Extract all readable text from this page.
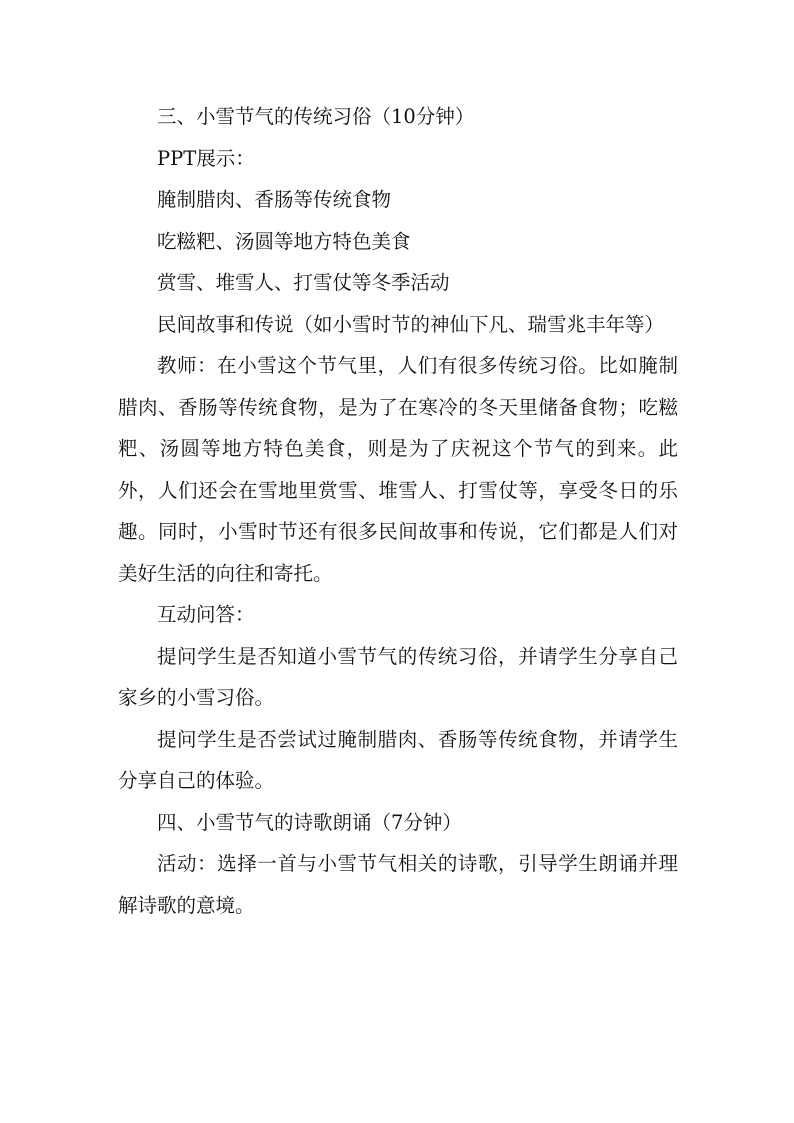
三、小雪节气的传统习俗（10分钟）

PPT展示：

腌制腊肉、香肠等传统食物

吃糍粑、汤圆等地方特色美食

赏雪、堆雪人、打雪仗等冬季活动

民间故事和传说（如小雪时节的神仙下凡、瑞雪兆丰年等）

教师：在小雪这个节气里，人们有很多传统习俗。比如腌制腊肉、香肠等传统食物，是为了在寒冷的冬天里储备食物；吃糍粑、汤圆等地方特色美食，则是为了庆祝这个节气的到来。此外，人们还会在雪地里赏雪、堆雪人、打雪仗等，享受冬日的乐趣。同时，小雪时节还有很多民间故事和传说，它们都是人们对美好生活的向往和寄托。

互动问答：

提问学生是否知道小雪节气的传统习俗，并请学生分享自己家乡的小雪习俗。

提问学生是否尝试过腌制腊肉、香肠等传统食物，并请学生分享自己的体验。

四、小雪节气的诗歌朗诵（7分钟）

活动：选择一首与小雪节气相关的诗歌，引导学生朗诵并理解诗歌的意境。
